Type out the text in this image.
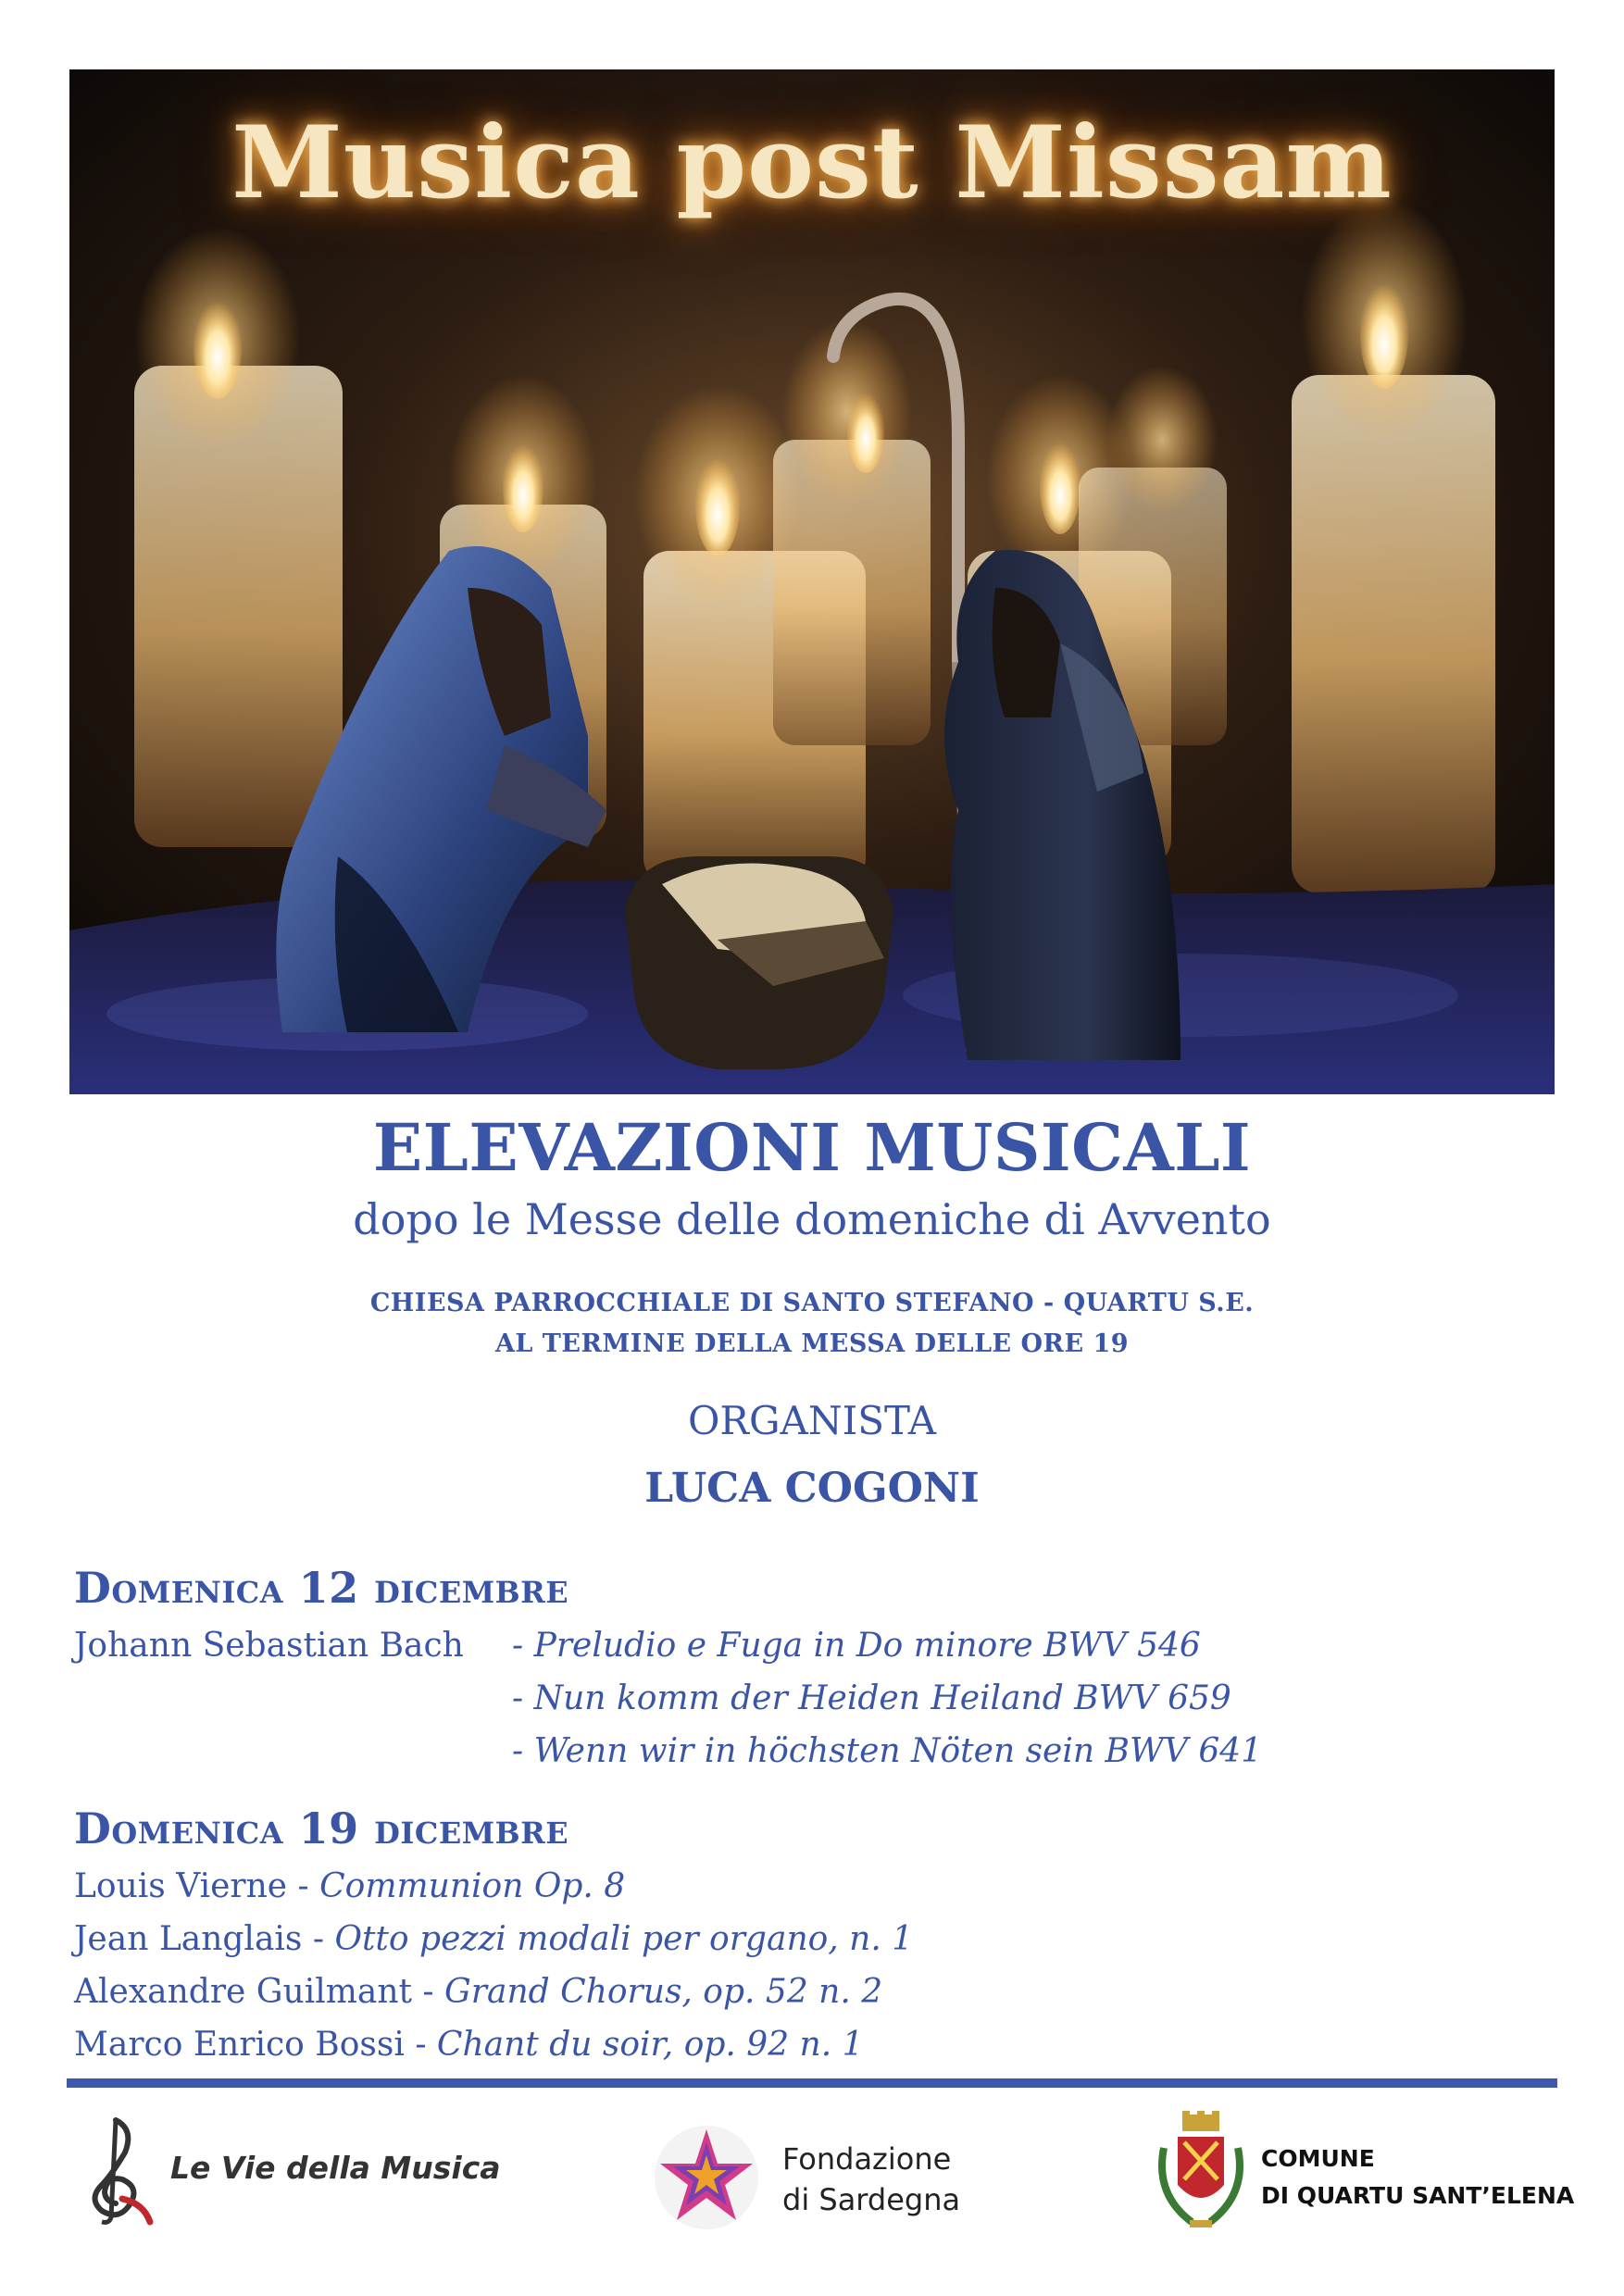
Musica post Missam
ELEVAZIONI MUSICALI
dopo le Messe delle domeniche di Avvento
CHIESA PARROCCHIALE DI SANTO STEFANO - QUARTU S.E.
AL TERMINE DELLA MESSA DELLE ORE 19
ORGANISTA
LUCA COGONI
Domenica 12 dicembre
Johann Sebastian Bach - Preludio e Fuga in Do minore BWV 546
- Nun komm der Heiden Heiland BWV 659
- Wenn wir in höchsten Nöten sein BWV 641
Domenica 19 dicembre
Louis Vierne - Communion Op. 8
Jean Langlais - Otto pezzi modali per organo, n. 1
Alexandre Guilmant - Grand Chorus, op. 52 n. 2
Marco Enrico Bossi - Chant du soir, op. 92 n. 1
Le Vie della Musica	Fondazione
di Sardegna
COMUNE
DI QUARTU SANT’ELENA
